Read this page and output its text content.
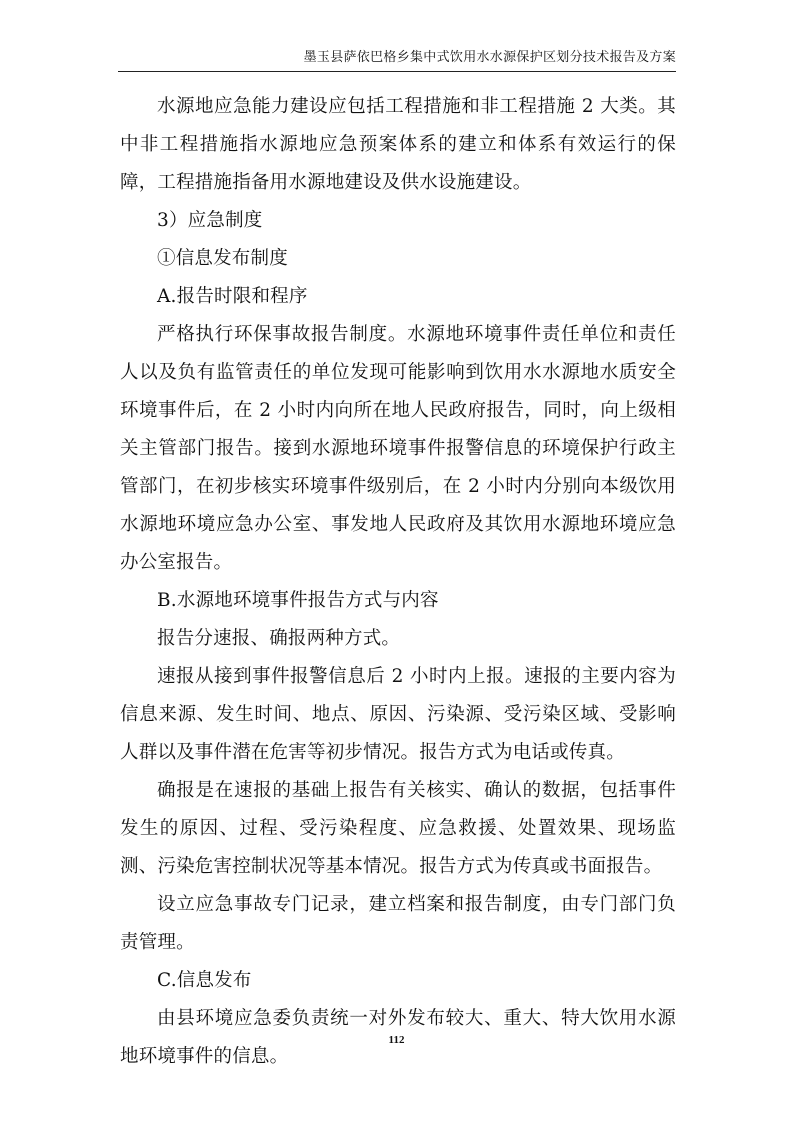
墨玉县萨依巴格乡集中式饮用水水源保护区划分技术报告及方案

水源地应急能力建设应包括工程措施和非工程措施 2 大类。其中非工程措施指水源地应急预案体系的建立和体系有效运行的保障，工程措施指备用水源地建设及供水设施建设。

3）应急制度

①信息发布制度

A.报告时限和程序

严格执行环保事故报告制度。水源地环境事件责任单位和责任人以及负有监管责任的单位发现可能影响到饮用水水源地水质安全环境事件后，在 2 小时内向所在地人民政府报告，同时，向上级相关主管部门报告。接到水源地环境事件报警信息的环境保护行政主管部门，在初步核实环境事件级别后，在 2 小时内分别向本级饮用水源地环境应急办公室、事发地人民政府及其饮用水源地环境应急办公室报告。

B.水源地环境事件报告方式与内容

报告分速报、确报两种方式。

速报从接到事件报警信息后 2 小时内上报。速报的主要内容为信息来源、发生时间、地点、原因、污染源、受污染区域、受影响人群以及事件潜在危害等初步情况。报告方式为电话或传真。

确报是在速报的基础上报告有关核实、确认的数据，包括事件发生的原因、过程、受污染程度、应急救援、处置效果、现场监测、污染危害控制状况等基本情况。报告方式为传真或书面报告。

设立应急事故专门记录，建立档案和报告制度，由专门部门负责管理。

C.信息发布

由县环境应急委负责统一对外发布较大、重大、特大饮用水源地环境事件的信息。

112
